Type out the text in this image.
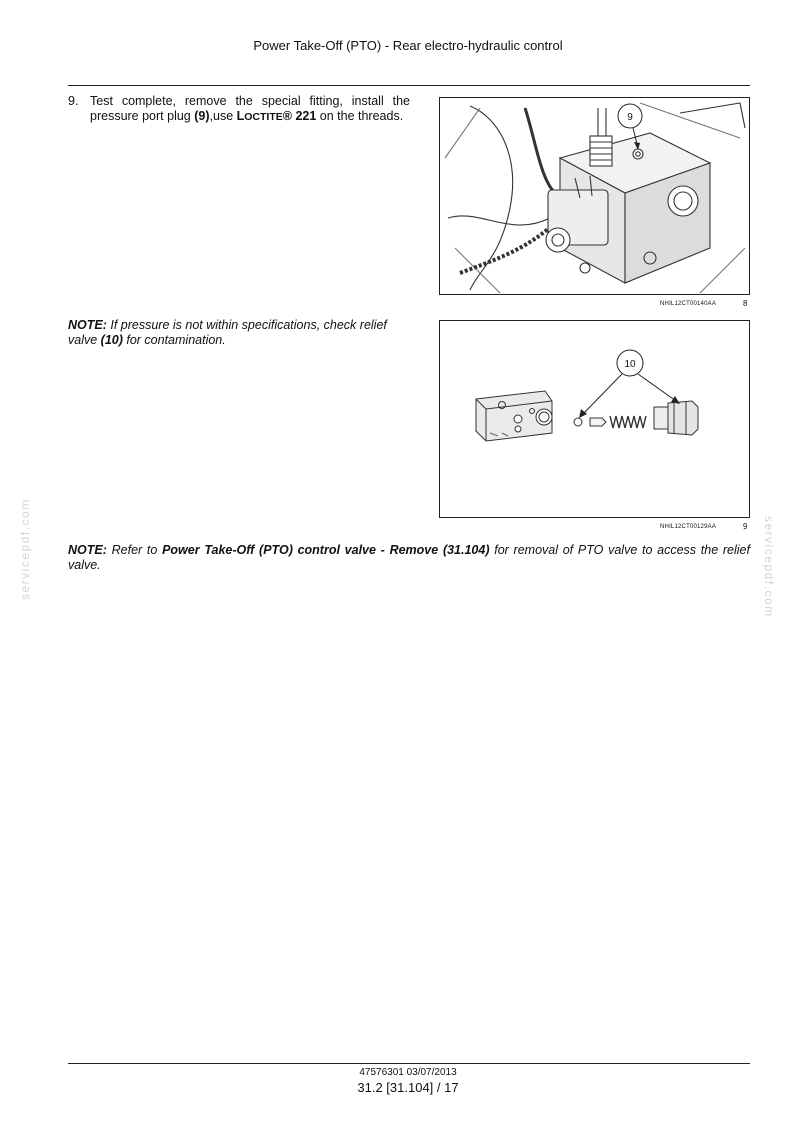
Power Take-Off (PTO) - Rear electro-hydraulic control
9. Test complete, remove the special fitting, install the pressure port plug (9),use LOCTITE® 221 on the threads.	9
NHIL12CT00140AA	8
NOTE: If pressure is not within specifications, check relief valve (10) for contamination.
10
NHIL12CT00129AA	9
NOTE: Refer to Power Take-Off (PTO) control valve - Remove (31.104) for removal of PTO valve to access the relief valve.
servicepdf.com	servicepdf.com
47576301 03/07/2013
31.2 [31.104] / 17
